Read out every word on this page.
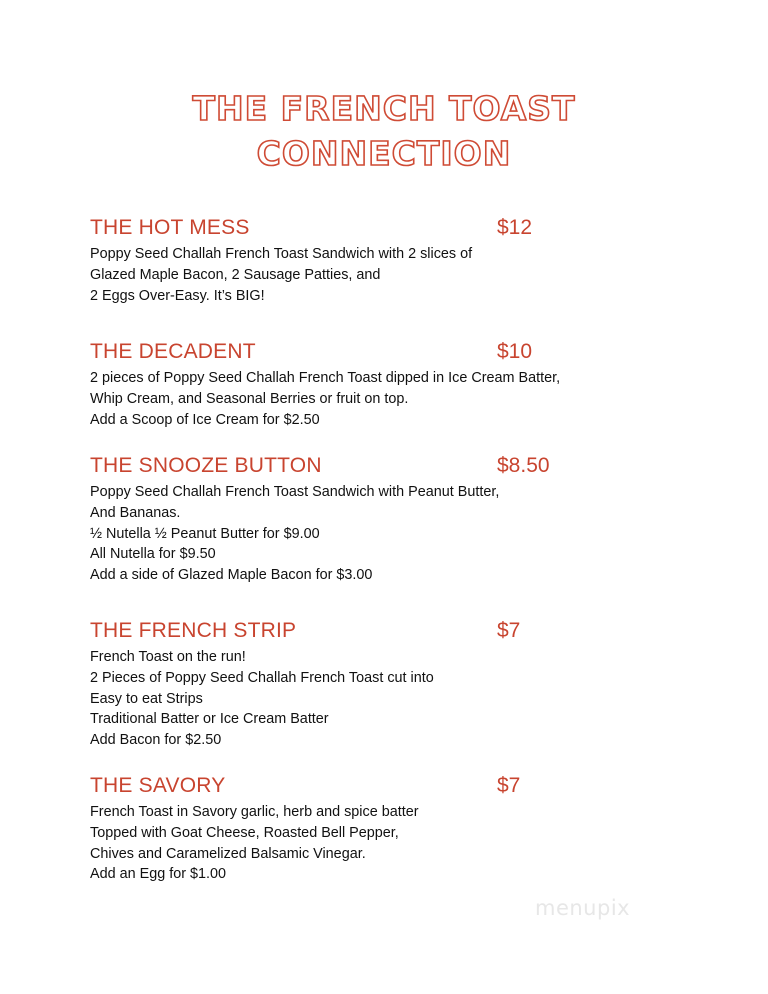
THE FRENCH TOAST
CONNECTION
THE HOT MESS	$12
Poppy Seed Challah French Toast Sandwich with 2 slices of
Glazed Maple Bacon, 2 Sausage Patties, and
2 Eggs Over-Easy. It’s BIG!
THE DECADENT	$10
2 pieces of Poppy Seed Challah French Toast dipped in Ice Cream Batter,
Whip Cream, and Seasonal Berries or fruit on top.
Add a Scoop of Ice Cream for $2.50
THE SNOOZE BUTTON	$8.50
Poppy Seed Challah French Toast Sandwich with Peanut Butter,
And Bananas.
½ Nutella ½ Peanut Butter for $9.00
All Nutella for $9.50
Add a side of Glazed Maple Bacon for $3.00
THE FRENCH STRIP	$7
French Toast on the run!
2 Pieces of Poppy Seed Challah French Toast cut into
Easy to eat Strips
Traditional Batter or Ice Cream Batter
Add Bacon for $2.50
THE SAVORY	$7
French Toast in Savory garlic, herb and spice batter
Topped with Goat Cheese, Roasted Bell Pepper,
Chives and Caramelized Balsamic Vinegar.
Add an Egg for $1.00
menupix
